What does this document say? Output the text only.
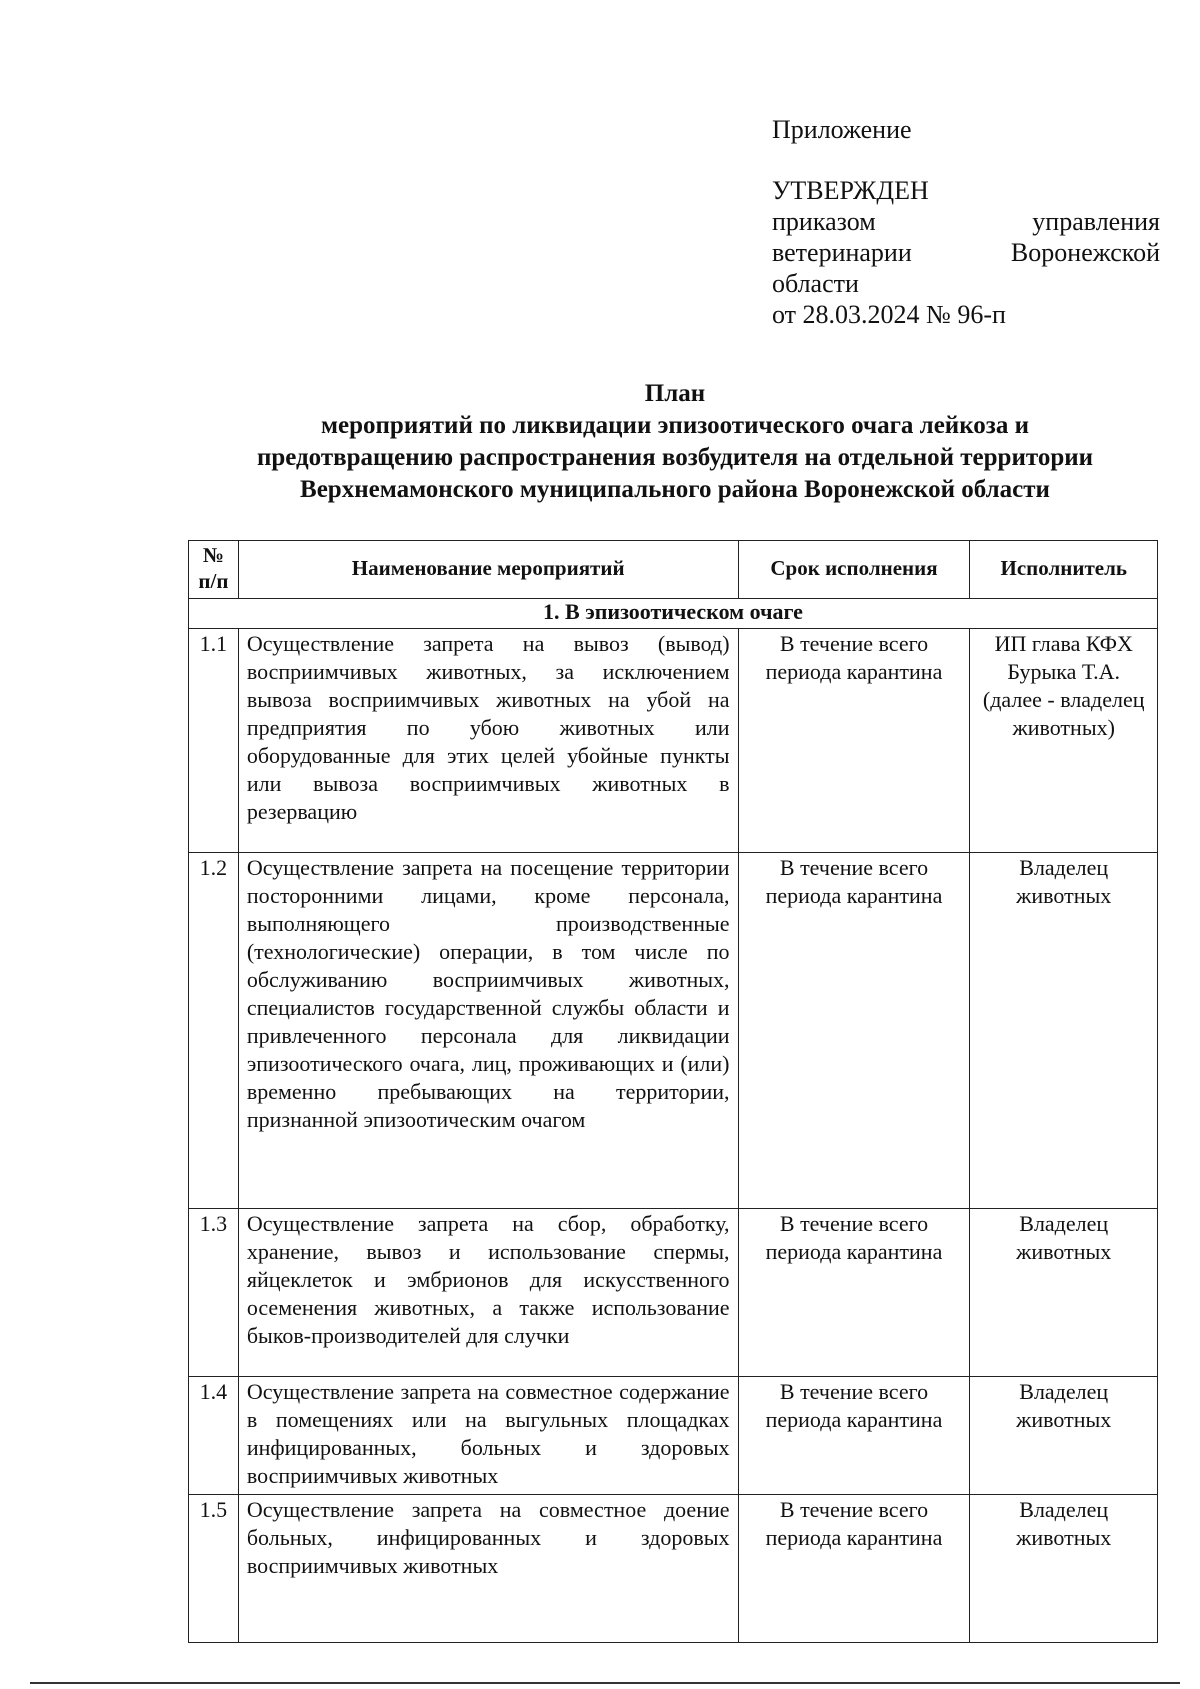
Приложение

УТВЕРЖДЕН

приказом управления
ветеринарии Воронежской
области
от 28.03.2024 № 96-п
План
мероприятий по ликвидации эпизоотического очага лейкоза и
предотвращению распространения возбудителя на отдельной территории
Верхнемамонского муниципального района Воронежской области
№ п/п	Наименование мероприятий	Срок исполнения	Исполнитель
1. В эпизоотическом очаге			
1.1	Осуществление запрета на вывоз (вывод) восприимчивых животных, за исключением вывоза восприимчивых животных на убой на предприятия по убою животных или оборудованные для этих целей убойные пункты или вывоза восприимчивых животных в резервацию	В течение всего периода карантина	ИП глава КФХ Бурыка Т.А. (далее - владелец животных)
1.2	Осуществление запрета на посещение территории посторонними лицами, кроме персонала, выполняющего производственные (технологические) операции, в том числе по обслуживанию восприимчивых животных, специалистов государственной службы области и привлеченного персонала для ликвидации эпизоотического очага, лиц, проживающих и (или) временно пребывающих на территории, признанной эпизоотическим очагом	В течение всего периода карантина	Владелец животных
1.3	Осуществление запрета на сбор, обработку, хранение, вывоз и использование спермы, яйцеклеток и эмбрионов для искусственного осеменения животных, а также использование быков-производителей для случки	В течение всего периода карантина	Владелец животных
1.4	Осуществление запрета на совместное содержание в помещениях или на выгульных площадках инфицированных, больных и здоровых восприимчивых животных	В течение всего периода карантина	Владелец животных
1.5	Осуществление запрета на совместное доение больных, инфицированных и здоровых восприимчивых животных	В течение всего периода карантина	Владелец животных
